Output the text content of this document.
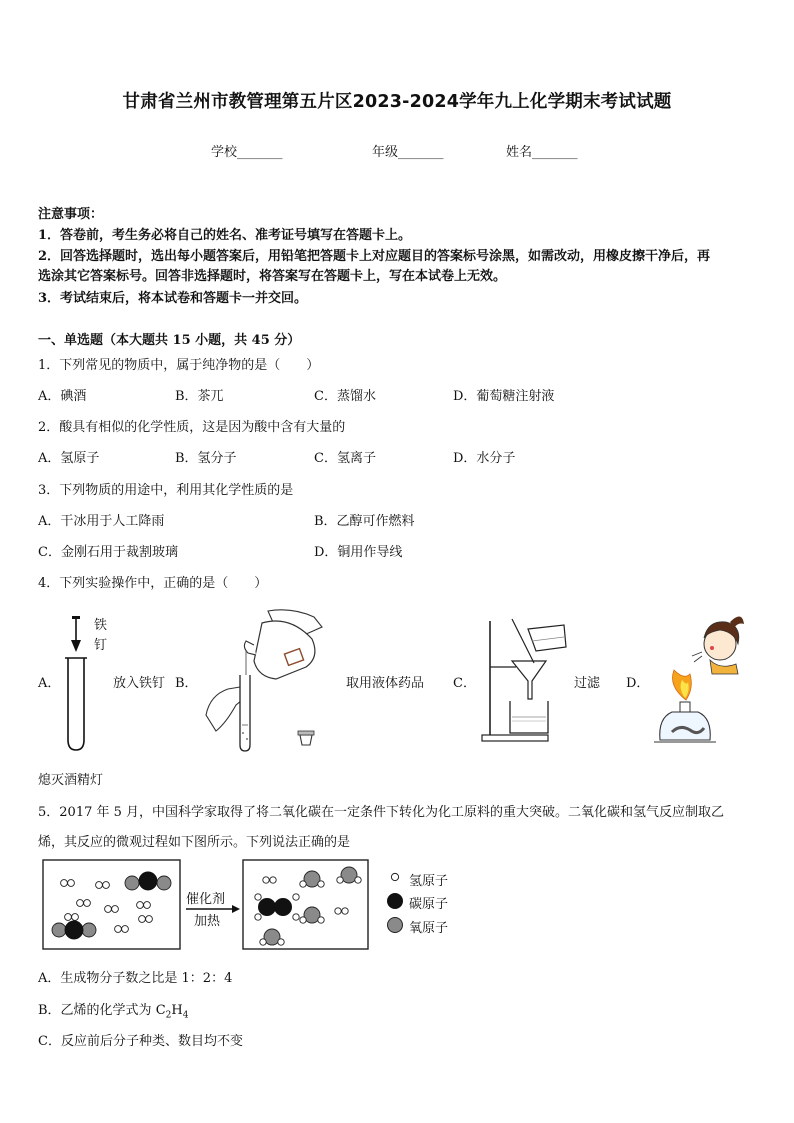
甘肃省兰州市教管理第五片区2023-2024学年九上化学期末考试试题
学校_______	年级_______	姓名_______
注意事项：
1．答卷前，考生务必将自己的姓名、准考证号填写在答题卡上。
2．回答选择题时，选出每小题答案后，用铅笔把答题卡上对应题目的答案标号涂黑，如需改动，用橡皮擦干净后，再
选涂其它答案标号。回答非选择题时，将答案写在答题卡上，写在本试卷上无效。
3．考试结束后，将本试卷和答题卡一并交回。
一、单选题（本大题共 15 小题，共 45 分）
1．下列常见的物质中，属于纯净物的是（　　）
A．碘酒	B．茶兀	C．蒸馏水	D．葡萄糖注射液
2．酸具有相似的化学性质，这是因为酸中含有大量的
A．氢原子	B．氢分子	C．氢离子	D．水分子
3．下列物质的用途中，利用其化学性质的是
A．干冰用于人工降雨	B．乙醇可作燃料
C．金刚石用于裁割玻璃	D．铜用作导线
4．下列实验操作中，正确的是（　　）
A．
铁
钉
放入铁钉 B．	取用液体药品 C．	过滤 D．
熄灭酒精灯
5．2017 年 5 月，中国科学家取得了将二氧化碳在一定条件下转化为化工原料的重大突破。二氧化碳和氢气反应制取乙
烯，其反应的微观过程如下图所示。下列说法正确的是
催化剂
加热
氢原子
碳原子
氧原子
A．生成物分子数之比是 1：2：4
B．乙烯的化学式为 $C_2H_4$
C．反应前后分子种类、数目均不变
